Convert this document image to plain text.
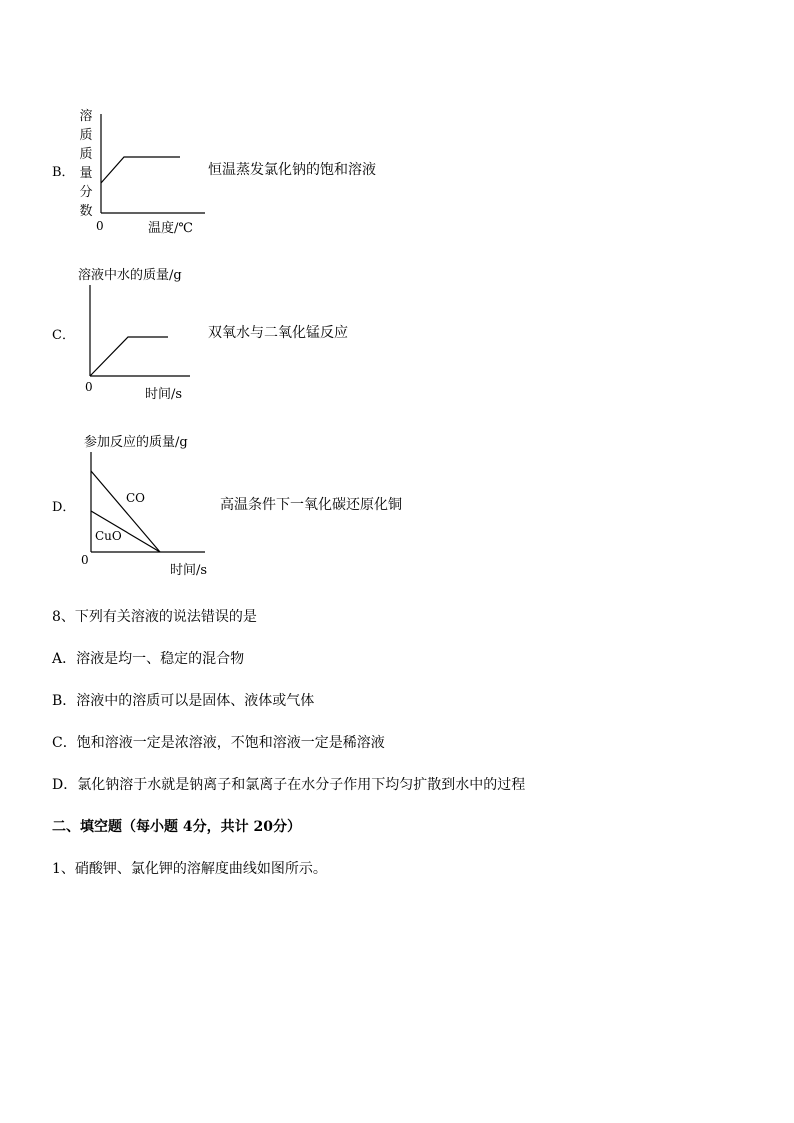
B．
溶
质
质
量
分
数
0	温度/℃
恒温蒸发氯化钠的饱和溶液
C．
溶液中水的质量/g
0	时间/s
双氧水与二氧化锰反应
D．
参加反应的质量/g
CO
CuO
0
时间/s
高温条件下一氧化碳还原化铜
8、下列有关溶液的说法错误的是
A．溶液是均一、稳定的混合物
B．溶液中的溶质可以是固体、液体或气体
C．饱和溶液一定是浓溶液，不饱和溶液一定是稀溶液
D．氯化钠溶于水就是钠离子和氯离子在水分子作用下均匀扩散到水中的过程
二、填空题（每小题 4分，共计 20分）
1、硝酸钾、氯化钾的溶解度曲线如图所示。
